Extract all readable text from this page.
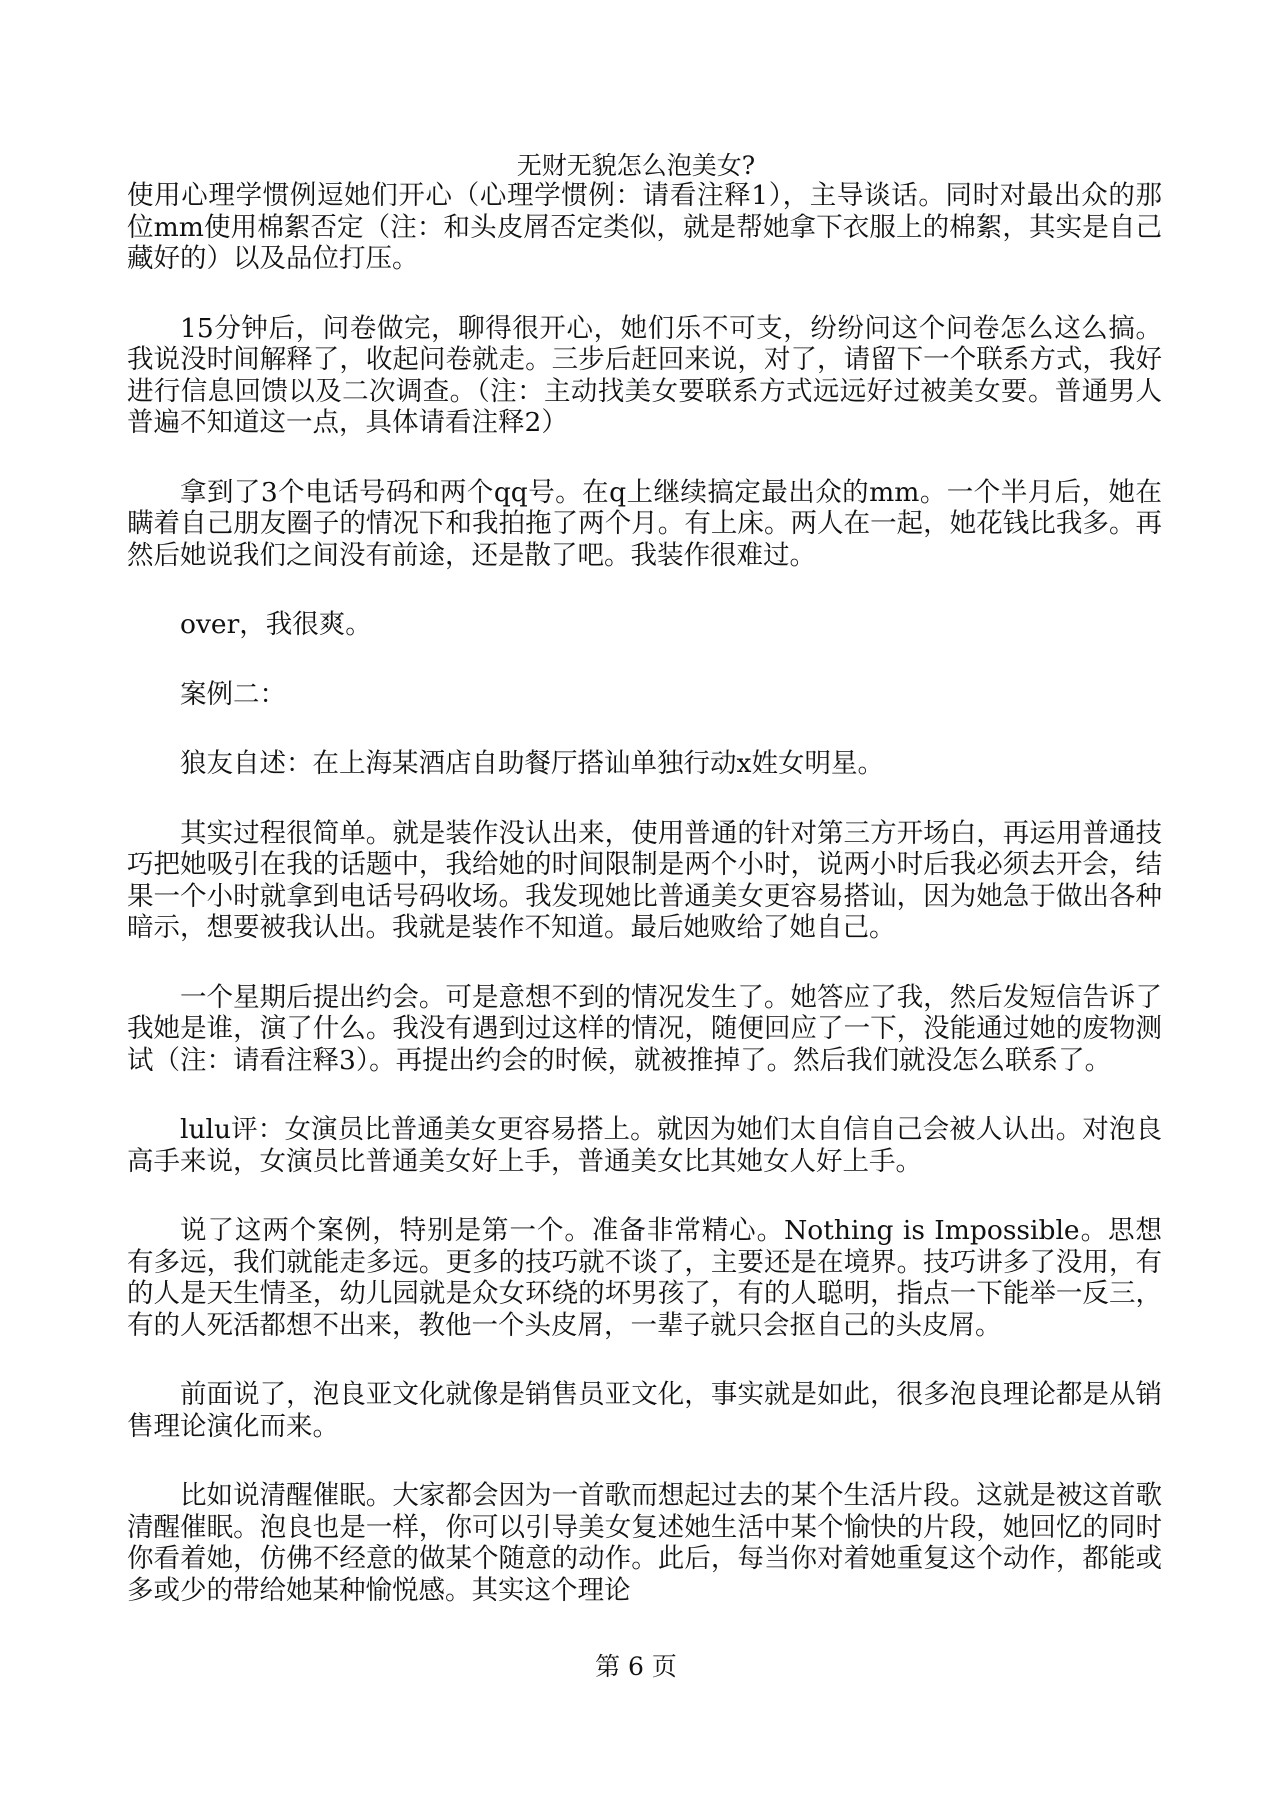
无财无貌怎么泡美女?

使用心理学惯例逗她们开心（心理学惯例：请看注释1），主导谈话。同时对最出众的那位mm使用棉絮否定（注：和头皮屑否定类似，就是帮她拿下衣服上的棉絮，其实是自己藏好的）以及品位打压。

15分钟后，问卷做完，聊得很开心，她们乐不可支，纷纷问这个问卷怎么这么搞。我说没时间解释了，收起问卷就走。三步后赶回来说，对了，请留下一个联系方式，我好进行信息回馈以及二次调查。（注：主动找美女要联系方式远远好过被美女要。普通男人普遍不知道这一点，具体请看注释2）

拿到了3个电话号码和两个qq号。在q上继续搞定最出众的mm。一个半月后，她在瞒着自己朋友圈子的情况下和我拍拖了两个月。有上床。两人在一起，她花钱比我多。再然后她说我们之间没有前途，还是散了吧。我装作很难过。

over，我很爽。

案例二：

狼友自述：在上海某酒店自助餐厅搭讪单独行动x姓女明星。

其实过程很简单。就是装作没认出来，使用普通的针对第三方开场白，再运用普通技巧把她吸引在我的话题中，我给她的时间限制是两个小时，说两小时后我必须去开会，结果一个小时就拿到电话号码收场。我发现她比普通美女更容易搭讪，因为她急于做出各种暗示，想要被我认出。我就是装作不知道。最后她败给了她自己。

一个星期后提出约会。可是意想不到的情况发生了。她答应了我，然后发短信告诉了我她是谁，演了什么。我没有遇到过这样的情况，随便回应了一下，没能通过她的废物测试（注：请看注释3）。再提出约会的时候，就被推掉了。然后我们就没怎么联系了。

lulu评：女演员比普通美女更容易搭上。就因为她们太自信自己会被人认出。对泡良高手来说，女演员比普通美女好上手，普通美女比其她女人好上手。

说了这两个案例，特别是第一个。准备非常精心。Nothing is Impossible。思想有多远，我们就能走多远。更多的技巧就不谈了，主要还是在境界。技巧讲多了没用，有的人是天生情圣，幼儿园就是众女环绕的坏男孩了，有的人聪明，指点一下能举一反三，有的人死活都想不出来，教他一个头皮屑，一辈子就只会抠自己的头皮屑。

前面说了，泡良亚文化就像是销售员亚文化，事实就是如此，很多泡良理论都是从销售理论演化而来。

比如说清醒催眠。大家都会因为一首歌而想起过去的某个生活片段。这就是被这首歌清醒催眠。泡良也是一样，你可以引导美女复述她生活中某个愉快的片段，她回忆的同时你看着她，仿佛不经意的做某个随意的动作。此后，每当你对着她重复这个动作，都能或多或少的带给她某种愉悦感。其实这个理论

第 6 页
